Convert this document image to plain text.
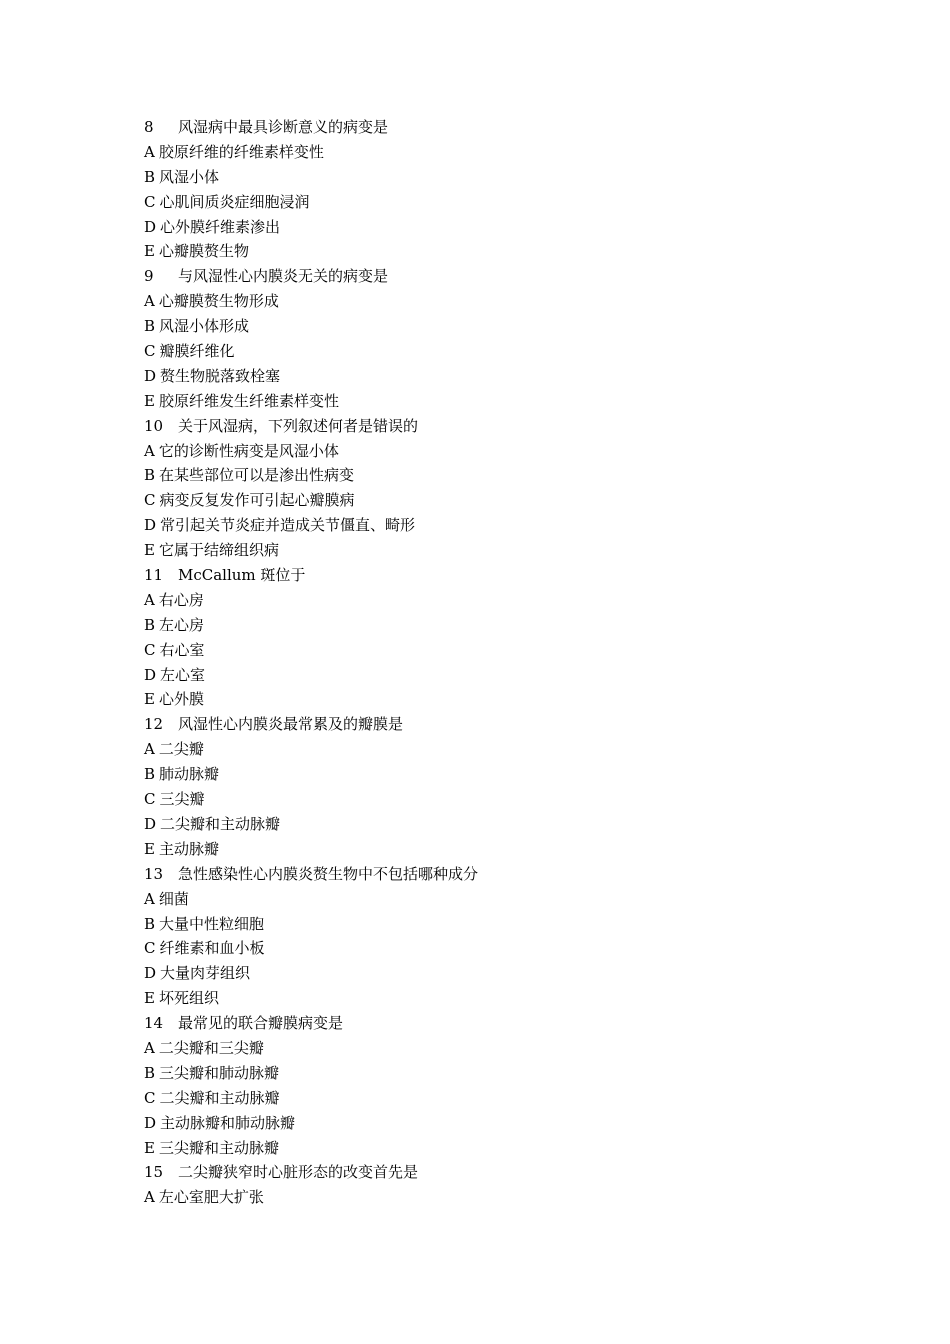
8 风湿病中最具诊断意义的病变是
A 胶原纤维的纤维素样变性
B 风湿小体
C 心肌间质炎症细胞浸润
D 心外膜纤维素渗出
E 心瓣膜赘生物
9 与风湿性心内膜炎无关的病变是
A 心瓣膜赘生物形成
B 风湿小体形成
C 瓣膜纤维化
D 赘生物脱落致栓塞
E 胶原纤维发生纤维素样变性
10 关于风湿病，下列叙述何者是错误的
A 它的诊断性病变是风湿小体
B 在某些部位可以是渗出性病变
C 病变反复发作可引起心瓣膜病
D 常引起关节炎症并造成关节僵直、畸形
E 它属于结缔组织病
11 McCallum 斑位于
A 右心房
B 左心房
C 右心室
D 左心室
E 心外膜
12 风湿性心内膜炎最常累及的瓣膜是
A 二尖瓣
B 肺动脉瓣
C 三尖瓣
D 二尖瓣和主动脉瓣
E 主动脉瓣
13 急性感染性心内膜炎赘生物中不包括哪种成分
A 细菌
B 大量中性粒细胞
C 纤维素和血小板
D 大量肉芽组织
E 坏死组织
14 最常见的联合瓣膜病变是
A 二尖瓣和三尖瓣
B 三尖瓣和肺动脉瓣
C 二尖瓣和主动脉瓣
D 主动脉瓣和肺动脉瓣
E 三尖瓣和主动脉瓣
15 二尖瓣狭窄时心脏形态的改变首先是
A 左心室肥大扩张
